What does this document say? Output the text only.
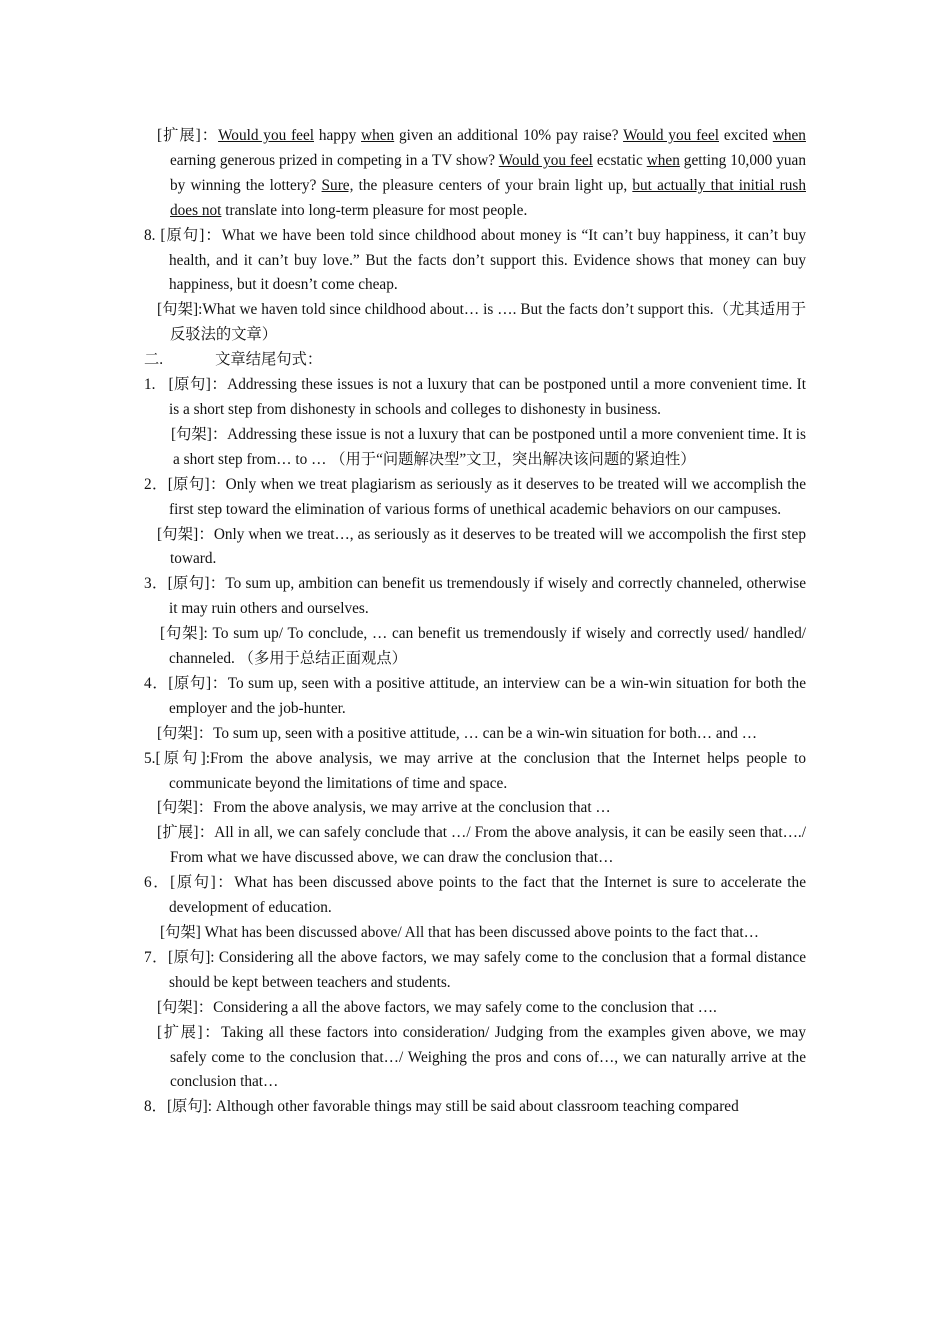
[扩展]：Would you feel happy when given an additional 10% pay raise? Would you feel excited when earning generous prized in competing in a TV show? Would you feel ecstatic when getting 10,000 yuan by winning the lottery? Sure, the pleasure centers of your brain light up, but actually that initial rush does not translate into long-term pleasure for most people.

8. [原句]：What we have been told since childhood about money is “It can’t buy happiness, it can’t buy health, and it can’t buy love.” But the facts don’t support this. Evidence shows that money can buy happiness, but it doesn’t come cheap.

[句架]:What we haven told since childhood about… is …. But the facts don’t support this.（尤其适用于反驳法的文章）

二.	文章结尾句式：

1. [原句]：Addressing these issues is not a luxury that can be postponed until a more convenient time. It is a short step from dishonesty in schools and colleges to dishonesty in business.

[句架]：Addressing these issue is not a luxury that can be postponed until a more convenient time. It is a short step from… to … （用于“问题解决型”文卫，突出解决该问题的紧迫性）

2．[原句]：Only when we treat plagiarism as seriously as it deserves to be treated will we accomplish the first step toward the elimination of various forms of unethical academic behaviors on our campuses.

[句架]：Only when we treat…, as seriously as it deserves to be treated will we accompolish the first step toward.

3．[原句]：To sum up, ambition can benefit us tremendously if wisely and correctly channeled, otherwise it may ruin others and ourselves.

[句架]: To sum up/ To conclude, … can benefit us tremendously if wisely and correctly used/ handled/ channeled. （多用于总结正面观点）

4．[原句]：To sum up, seen with a positive attitude, an interview can be a win-win situation for both the employer and the job-hunter.

[句架]：To sum up, seen with a positive attitude, … can be a win-win situation for both… and …

5.[原句]:From the above analysis, we may arrive at the conclusion that the Internet helps people to communicate beyond the limitations of time and space.

[句架]：From the above analysis, we may arrive at the conclusion that …

[扩展]：All in all, we can safely conclude that …/ From the above analysis, it can be easily seen that…./ From what we have discussed above, we can draw the conclusion that…

6．[原句]：What has been discussed above points to the fact that the Internet is sure to accelerate the development of education.

[句架] What has been discussed above/ All that has been discussed above points to the fact that…

7．[原句]: Considering all the above factors, we may safely come to the conclusion that a formal distance should be kept between teachers and students.

[句架]：Considering a all the above factors, we may safely come to the conclusion that ….

[扩展]：Taking all these factors into consideration/ Judging from the examples given above, we may safely come to the conclusion that…/ Weighing the pros and cons of…, we can naturally arrive at the conclusion that…

8．[原句]: Although other favorable things may still be said about classroom teaching compared
